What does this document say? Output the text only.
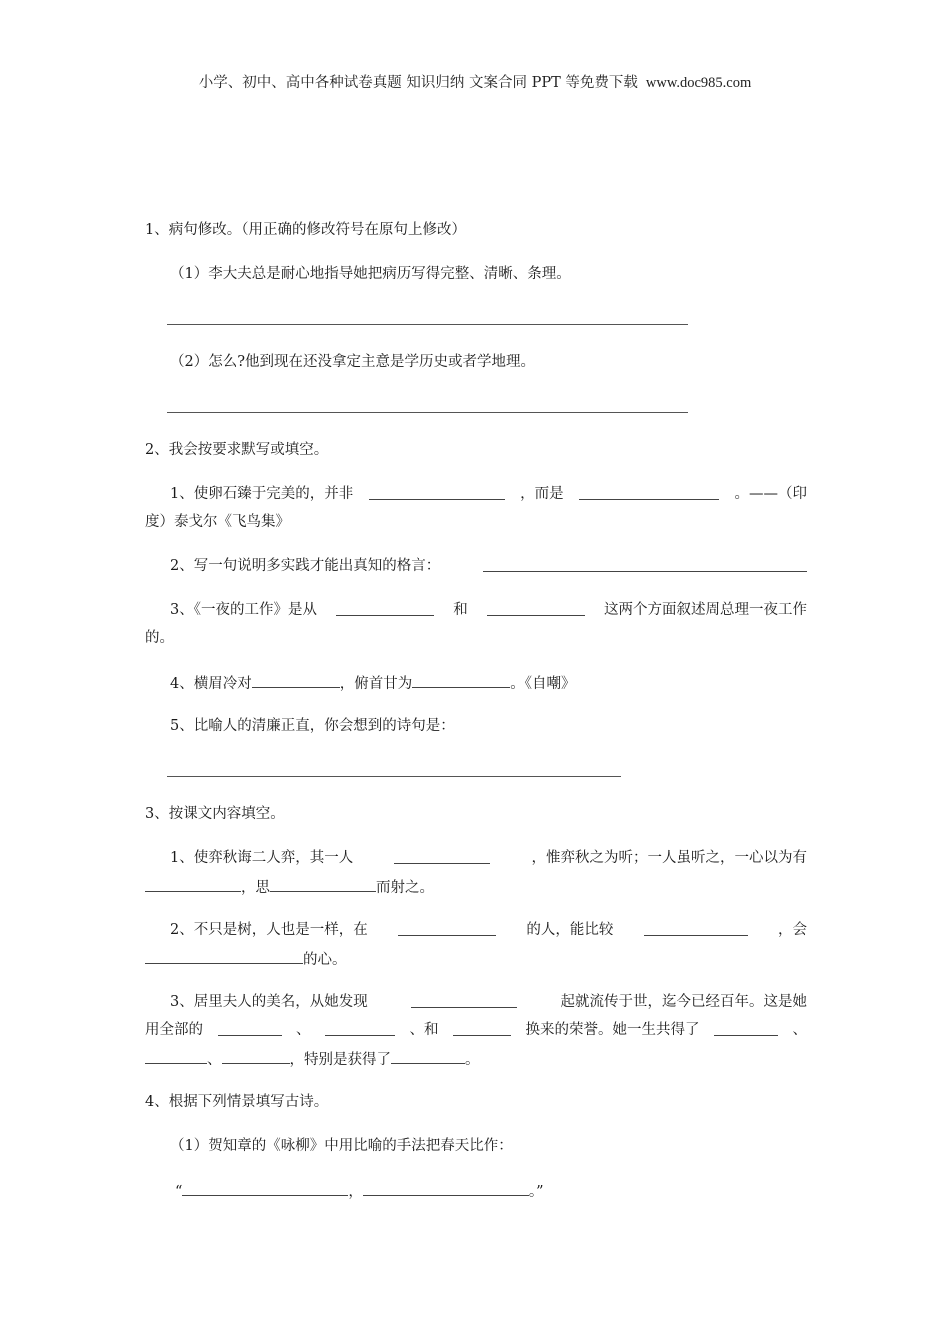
小学、初中、高中各种试卷真题 知识归纳 文案合同 PPT 等免费下载 www.doc985.com
1、病句修改。（用正确的修改符号在原句上修改）
（1）李大夫总是耐心地指导她把病历写得完整、清晰、条理。
（2）怎么?他到现在还没拿定主意是学历史或者学地理。
2、我会按要求默写或填空。
1、使卵石臻于完美的，并非	，而是	。——（印
度）泰戈尔《飞鸟集》
2、写一句说明多实践才能出真知的格言：
3、《一夜的工作》是从	和	这两个方面叙述周总理一夜工作
的。
4、横眉冷对	，俯首甘为	。《自嘲》
5、比喻人的清廉正直，你会想到的诗句是：
3、按课文内容填空。
1、使弈秋诲二人弈，其一人	，惟弈秋之为听；一人虽听之，一心以为有
，思	而射之。
2、不只是树，人也是一样，在	的人，能比较	，会
的心。
3、居里夫人的美名，从她发现	起就流传于世，迄今已经百年。这是她
用全部的	、	、和	换来的荣誉。她一生共得了	、
、	，特别是获得了	。
4、根据下列情景填写古诗。
（1）贺知章的《咏柳》中用比喻的手法把春天比作：
“	，	。”
